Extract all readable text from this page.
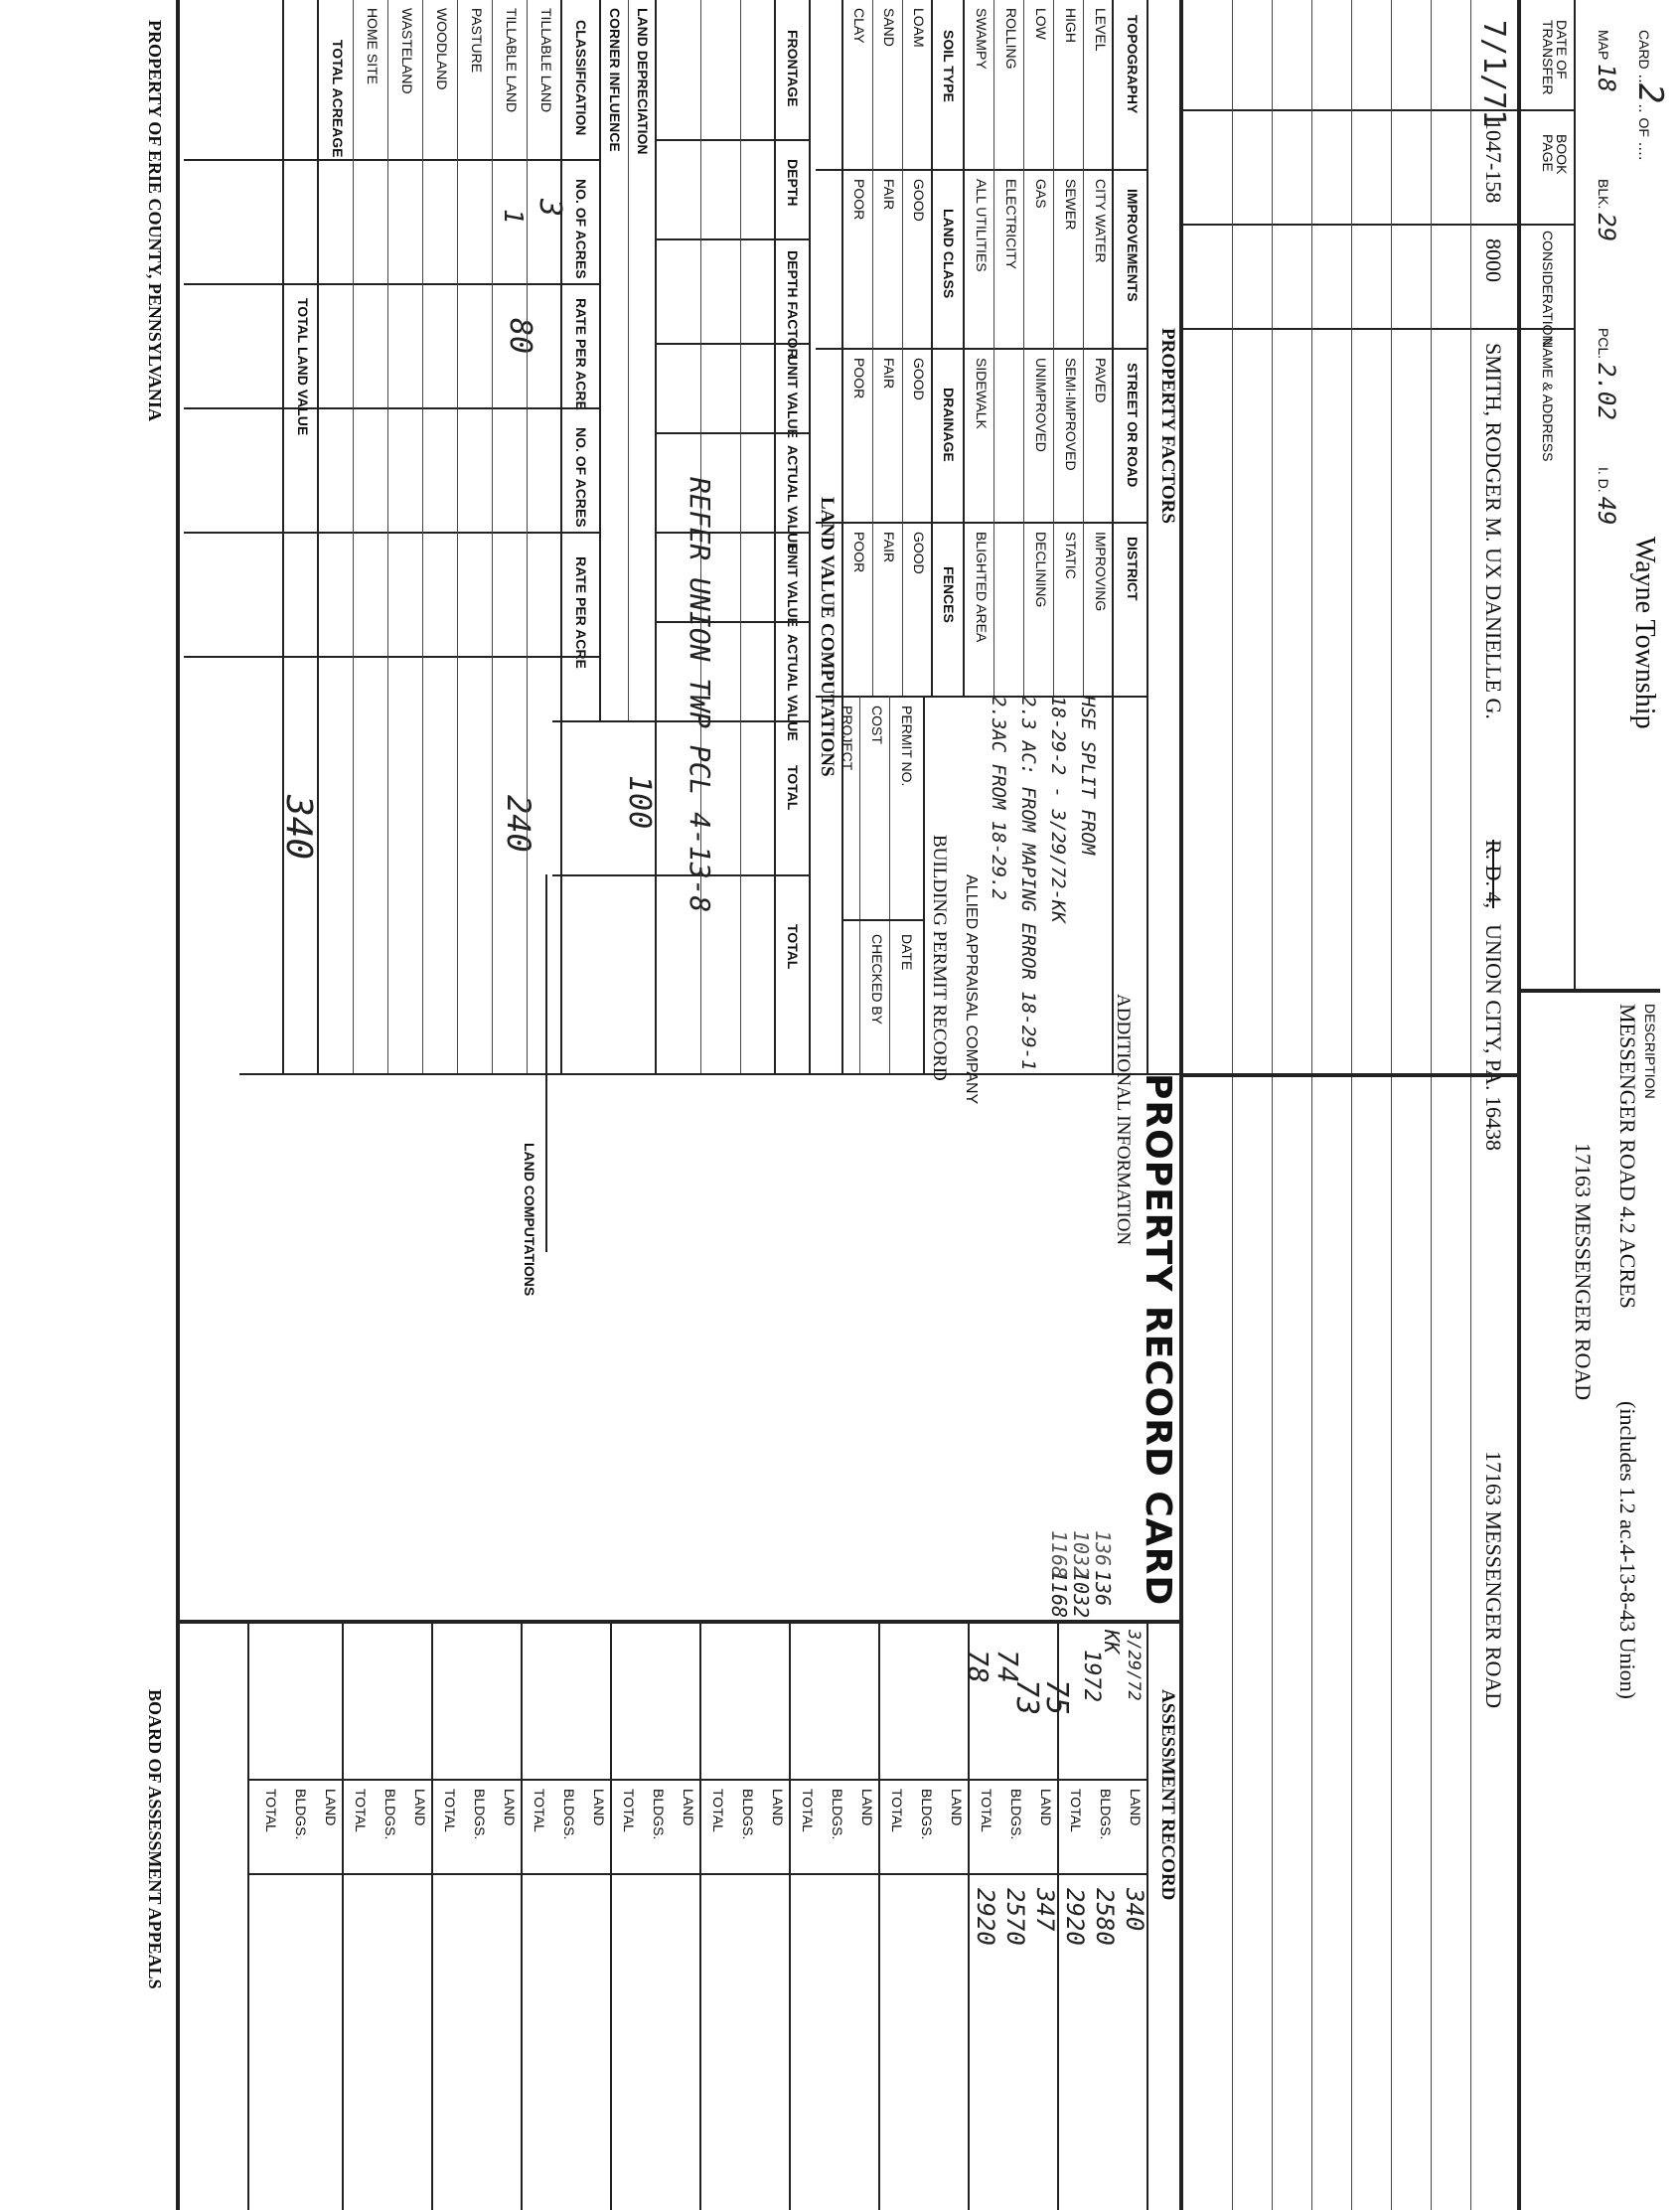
CARD ..2.. OF ....
Wayne Township
MAP 18
BLK. 29
PCL. 2.02
I. D. 49
DESCRIPTION
MESSENGER ROAD 4.2 ACRES
(includes 1.2 ac.4-13-8-43 Union)
17163 MESSENGER ROAD
DATE OF TRANSFER
BOOK PAGE
CONSIDERATION
NAME & ADDRESS
7/1/71
1047-158
8000
SMITH, RODGER M. UX DANIELLE G.
R. D. 4,
UNION CITY, PA. 16438
17163 MESSENGER ROAD
PROPERTY FACTORS
TOPOGRAPHY
IMPROVEMENTS
STREET OR ROAD
DISTRICT
LEVEL
HIGH
LOW
ROLLING
SWAMPY
CITY WATER
SEWER
GAS
ELECTRICITY
ALL UTILITIES
PAVED
SEMI-IMPROVED
UNIMPROVED
SIDEWALK
IMPROVING
STATIC
DECLINING
BLIGHTED AREA
SOIL TYPE
LAND CLASS
DRAINAGE
FENCES
LOAM
SAND
CLAY
GOOD
FAIR
POOR
GOOD
FAIR
POOR
GOOD
FAIR
POOR
LAND VALUE COMPUTATIONS
FRONTAGE
DEPTH
DEPTH FACTOR
UNIT VALUE
ACTUAL VALUE
UNIT VALUE
ACTUAL VALUE
TOTAL
TOTAL
REFER UNION TWP PCL 4-13-8
100
LAND DEPRECIATION
CORNER INFLUENCE
CLASSIFICATION
NO. OF ACRES
RATE PER ACRE
NO. OF ACRES
RATE PER ACRE
TILLABLE LAND
TILLABLE LAND
PASTURE
WOODLAND
WASTELAND
HOME SITE
TOTAL ACREAGE
3
1
80
240
TOTAL LAND VALUE
340
LAND COMPUTATIONS	PROPERTY RECORD CARD
ADDITIONAL INFORMATION
HSE SPLIT FROM
18-29-2 - 3/29/72-KK
2.3 AC: FROM MAPING ERROR 18-29-1
2.3AC FROM 18-29.2
ALLIED APPRAISAL COMPANY
BUILDING PERMIT RECORD
PERMIT NO.
COST
PROJECT
DATE
CHECKED BY
136
1032
1168
136
1032
1168
ASSESSMENT RECORD
3/29/72
KK
1972
LAND
BLDGS.
TOTAL
340
2580
2920
75
73
74
78
LAND
BLDGS.
TOTAL
347
2570
2920
LAND
BLDGS.
TOTAL
LAND
BLDGS.
TOTAL
LAND
BLDGS.
TOTAL
LAND
BLDGS.
TOTAL
LAND
BLDGS.
TOTAL
LAND
BLDGS.
TOTAL
LAND
BLDGS.
TOTAL
LAND
BLDGS.
TOTAL
PROPERTY OF ERIE COUNTY, PENNSYLVANIA
BOARD OF ASSESSMENT APPEALS
